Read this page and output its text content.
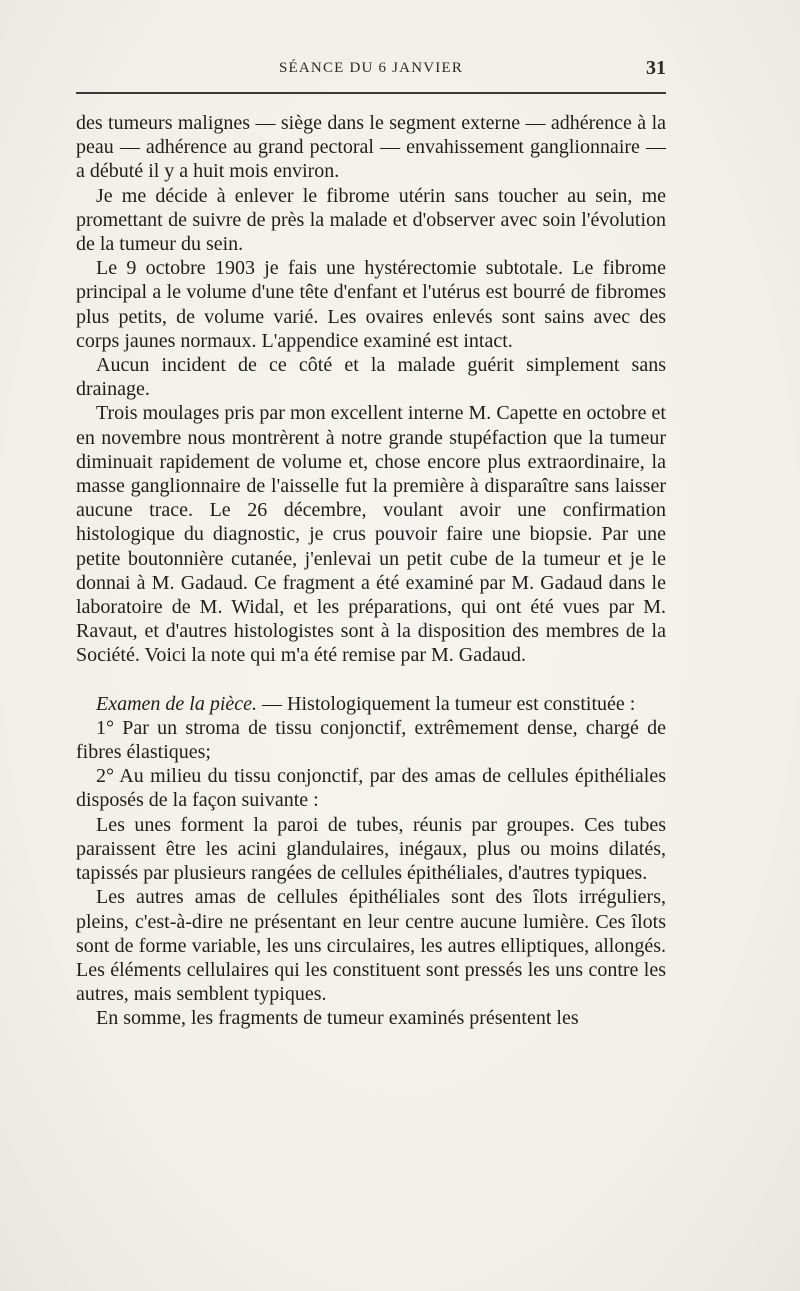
SÉANCE DU 6 JANVIER	31

des tumeurs malignes — siège dans le segment externe — adhérence à la peau — adhérence au grand pectoral — envahissement ganglionnaire — a débuté il y a huit mois environ.

Je me décide à enlever le fibrome utérin sans toucher au sein, me promettant de suivre de près la malade et d'observer avec soin l'évolution de la tumeur du sein.

Le 9 octobre 1903 je fais une hystérectomie subtotale. Le fibrome principal a le volume d'une tête d'enfant et l'utérus est bourré de fibromes plus petits, de volume varié. Les ovaires enlevés sont sains avec des corps jaunes normaux. L'appendice examiné est intact.

Aucun incident de ce côté et la malade guérit simplement sans drainage.

Trois moulages pris par mon excellent interne M. Capette en octobre et en novembre nous montrèrent à notre grande stupéfaction que la tumeur diminuait rapidement de volume et, chose encore plus extraordinaire, la masse ganglionnaire de l'aisselle fut la première à disparaître sans laisser aucune trace. Le 26 décembre, voulant avoir une confirmation histologique du diagnostic, je crus pouvoir faire une biopsie. Par une petite boutonnière cutanée, j'enlevai un petit cube de la tumeur et je le donnai à M. Gadaud. Ce fragment a été examiné par M. Gadaud dans le laboratoire de M. Widal, et les préparations, qui ont été vues par M. Ravaut, et d'autres histologistes sont à la disposition des membres de la Société. Voici la note qui m'a été remise par M. Gadaud.

Examen de la pièce. — Histologiquement la tumeur est constituée :

1° Par un stroma de tissu conjonctif, extrêmement dense, chargé de fibres élastiques;

2° Au milieu du tissu conjonctif, par des amas de cellules épithéliales disposés de la façon suivante :

Les unes forment la paroi de tubes, réunis par groupes. Ces tubes paraissent être les acini glandulaires, inégaux, plus ou moins dilatés, tapissés par plusieurs rangées de cellules épithéliales, d'autres typiques.

Les autres amas de cellules épithéliales sont des îlots irréguliers, pleins, c'est-à-dire ne présentant en leur centre aucune lumière. Ces îlots sont de forme variable, les uns circulaires, les autres elliptiques, allongés. Les éléments cellulaires qui les constituent sont pressés les uns contre les autres, mais semblent typiques.

En somme, les fragments de tumeur examinés présentent les
